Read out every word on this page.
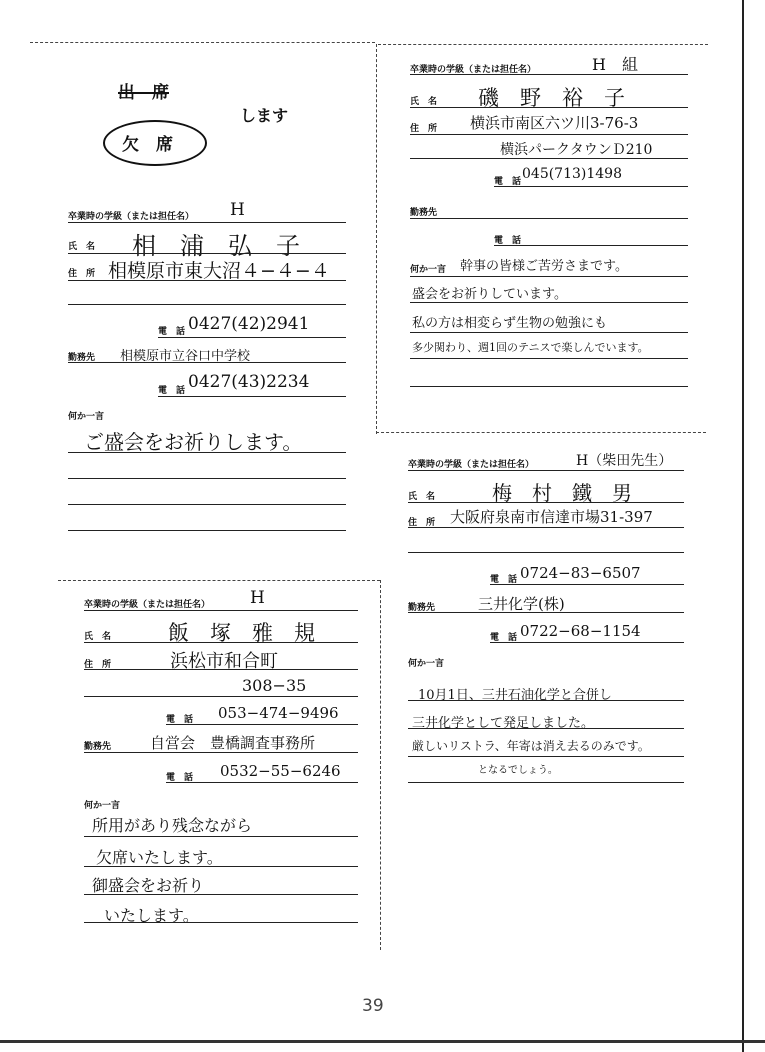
出　席
します
欠　席
卒業時の学級（または担任名） H
氏　名 相　浦　弘　子
住　所 相模原市東大沼４−４−４
電　話 0427(42)2941
勤務先 相模原市立谷口中学校
電　話 0427(43)2234
何か一言
ご盛会をお祈りします。
卒業時の学級（または担任名）	H　組
氏　名 磯　野　裕　子
住　所 横浜市南区六ツ川3-76-3
横浜パークタウンＤ210
電　話 045(713)1498
勤務先
電　話
何か一言 幹事の皆様ご苦労さまです。
盛会をお祈りしています。
私の方は相変らず生物の勉強にも
多少関わり、週1回のテニスで楽しんでいます。
卒業時の学級（または担任名）	H（柴田先生）
氏　名	梅　村　鐵　男
住　所 大阪府泉南市信達市場31-397
電　話 0724−83−6507
勤務先	三井化学(株)
電　話 0722−68−1154
何か一言
10月1日、三井石油化学と合併し
三井化学として発足しました。
厳しいリストラ、年寄は消え去るのみです。
となるでしょう。
卒業時の学級（または担任名） H
氏　名	飯　塚　雅　規
住　所	浜松市和合町
308−35
電　話 053−474−9496
勤務先	自営会　豊橋調査事務所
電　話 0532−55−6246
何か一言
所用があり残念ながら
欠席いたします。
御盛会をお祈り
いたします。
39
